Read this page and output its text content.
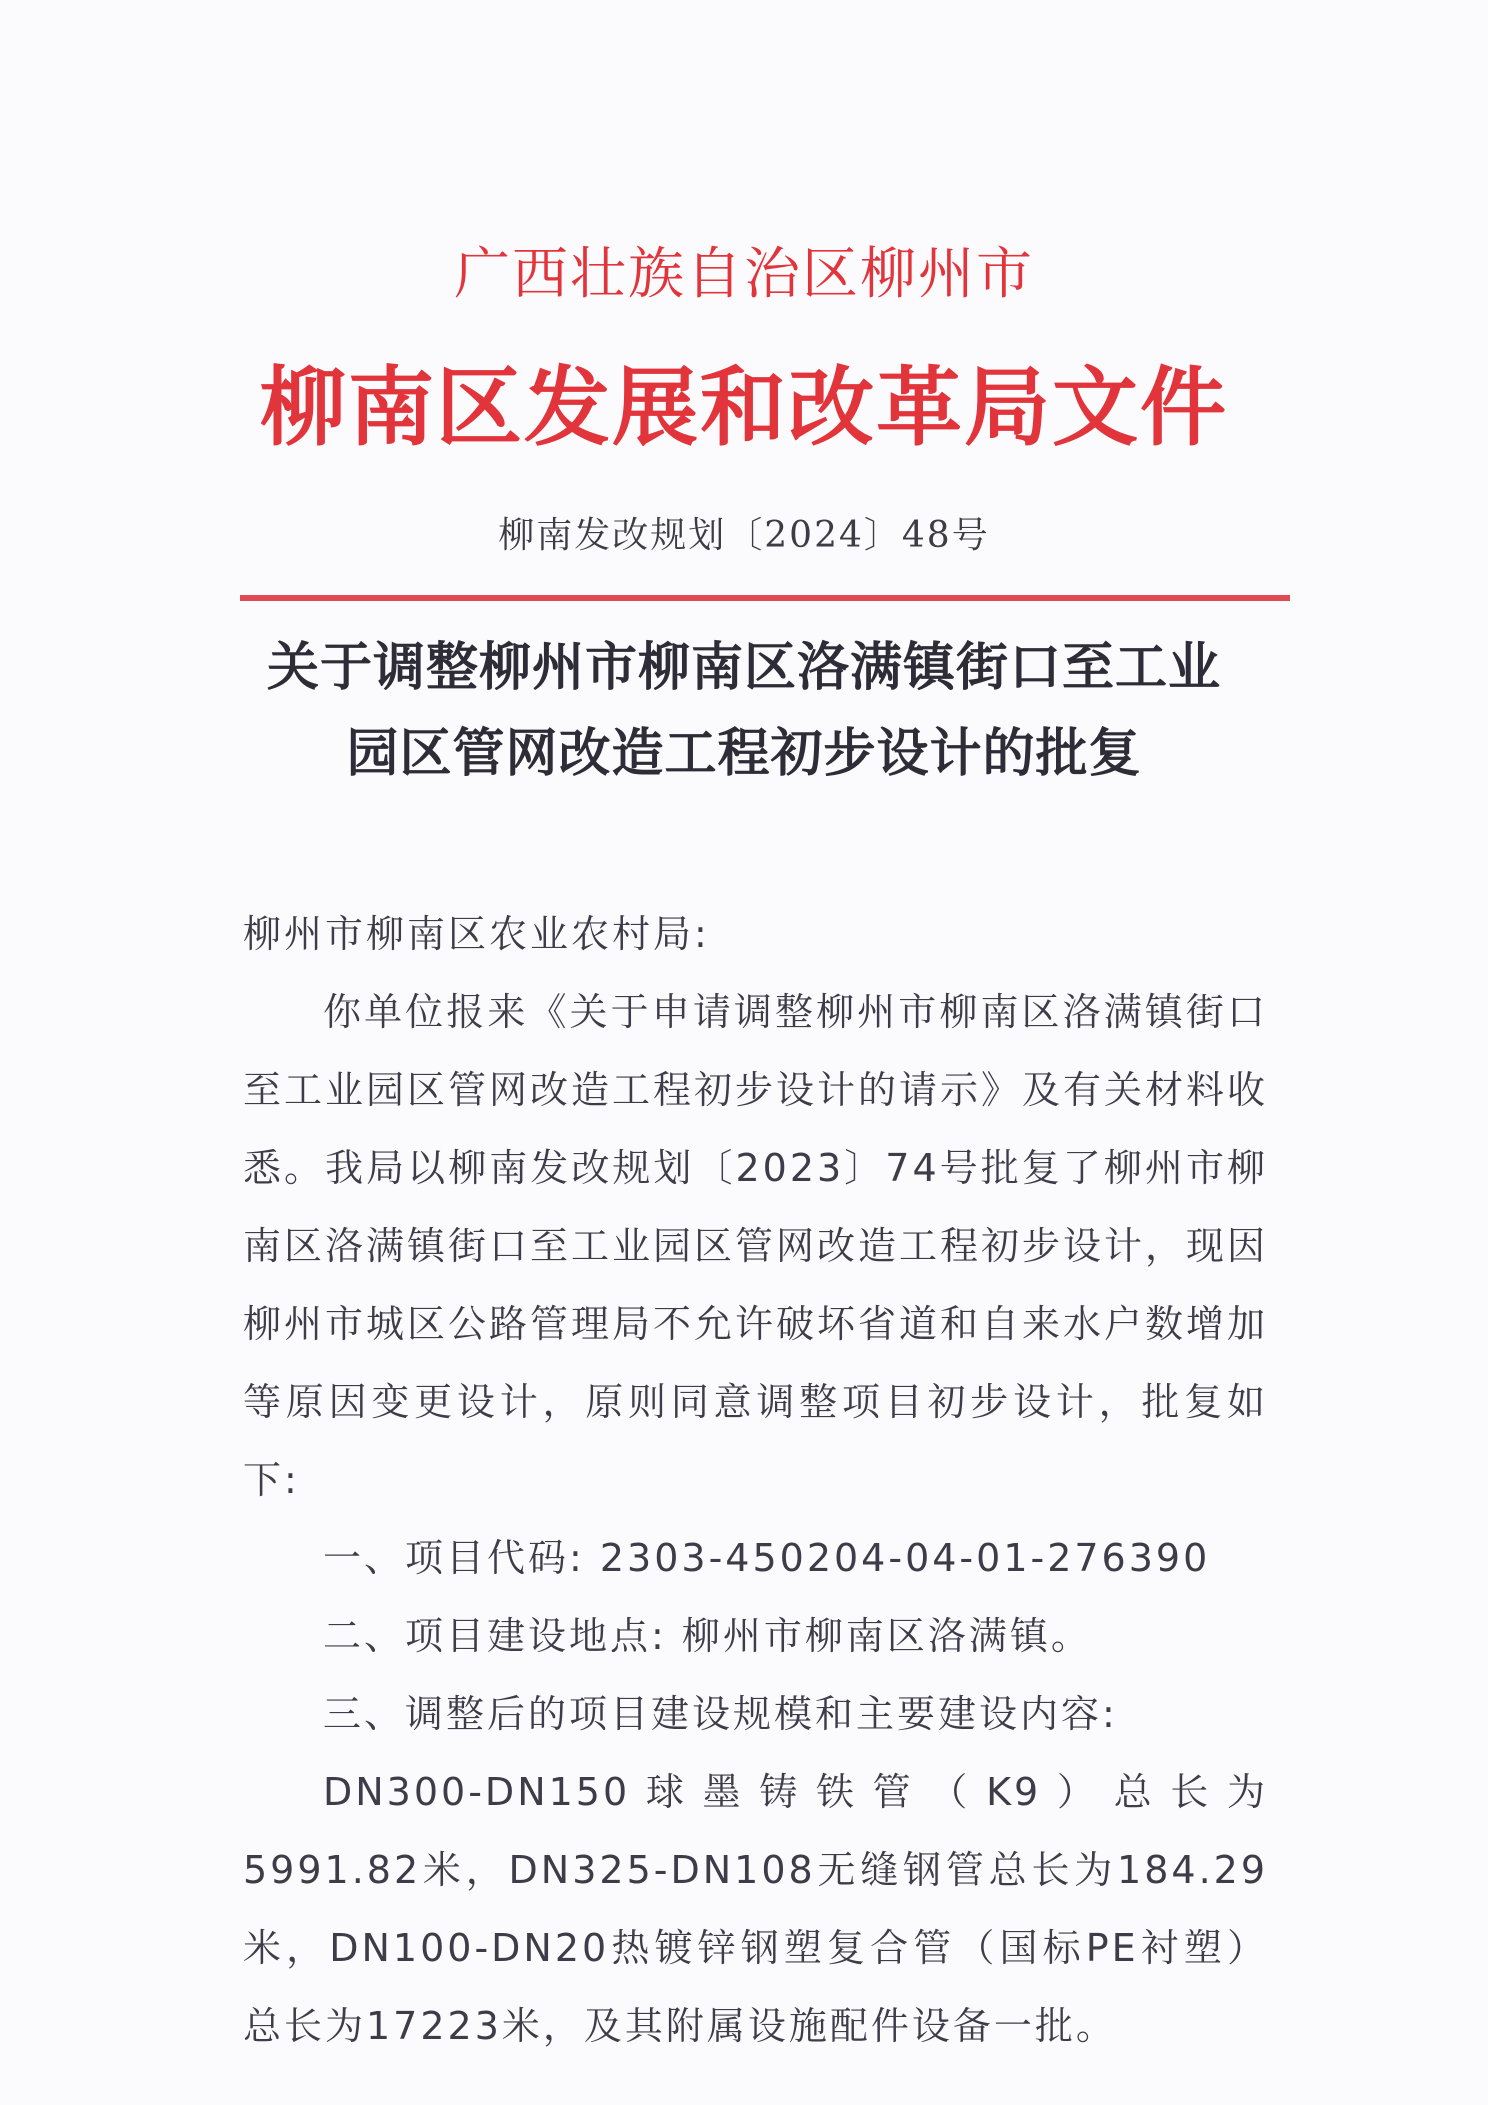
广西壮族自治区柳州市
柳南区发展和改革局文件
柳南发改规划〔2024〕48号
关于调整柳州市柳南区洛满镇街口至工业
园区管网改造工程初步设计的批复

柳州市柳南区农业农村局:

你单位报来《关于申请调整柳州市柳南区洛满镇街口至工业园区管网改造工程初步设计的请示》及有关材料收悉。我局以柳南发改规划〔2023〕74号批复了柳州市柳南区洛满镇街口至工业园区管网改造工程初步设计，现因柳州市城区公路管理局不允许破坏省道和自来水户数增加等原因变更设计，原则同意调整项目初步设计，批复如下:

一、项目代码: 2303-450204-04-01-276390

二、项目建设地点: 柳州市柳南区洛满镇。

三、调整后的项目建设规模和主要建设内容:

DN300-DN150球墨铸铁管（K9）总长为5991.82米，DN325-DN108无缝钢管总长为184.29米，DN100-DN20热镀锌钢塑复合管（国标PE衬塑）总长为17223米，及其附属设施配件设备一批。
